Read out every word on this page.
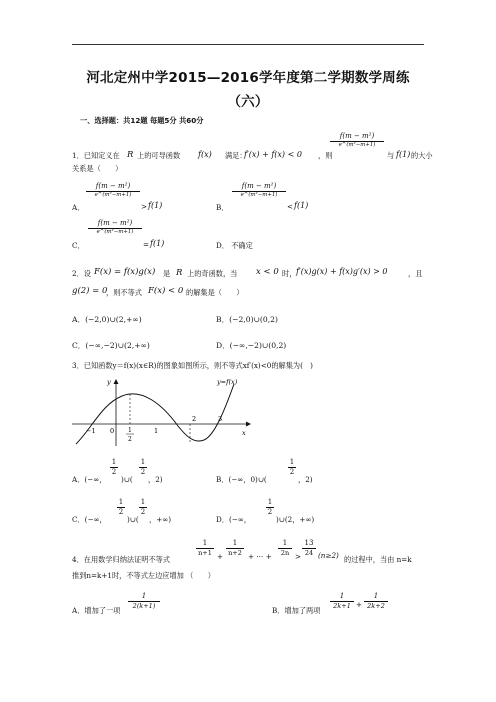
河北定州中学2015—2016学年度第二学期数学周练
（六）
一、选择题：共12题 每题5分 共60分
1．已知定义在 R 上的可导函数 f(x) 满足：
f′(x) + f(x) < 0 ，则
f(m − m²)
e^(m²−m+1)
与 f(1) 的大小
关系是（　　）
A．
f(m − m²)
e^(m²−m+1)
> f(1)	B．
f(m − m²)
e^(m²−m+1)
< f(1)
C．
f(m − m²)
e^(m²−m+1)
= f(1)	D． 不确定
2．设 F(x) = f(x)g(x) 是 R 上的奇函数，当 x < 0 时， f′(x)g(x) + f(x)g′(x) > 0	，且
g(2) = 0
，则不等式 F(x) < 0 的解集是（　　）
A．(−2,0)∪(2,+∞)	B．(−2,0)∪(0,2)
C．(−∞,−2)∪(2,+∞)	D．(−∞,−2)∪(0,2)
3．已知函数y＝f(x)(x∈R)的图象如图所示，则不等式xf′(x)<0的解集为(　)
y	y=f(x)
x
−1 0 1
2
1
2	3
A．(−∞，
$\frac{1}{2}$
)∪(
$\frac{1}{2}$
，2)	B．(−∞，0)∪(
$\frac{1}{2}$
，2)
C．(−∞，
$\frac{1}{2}$
)∪(
$\frac{1}{2}$
，+∞)	D．(−∞，
$\frac{1}{2}$
)∪(2，+∞)
4．在用数学归纳法证明不等式
$\frac{1}{n+1} + \frac{1}{n+2}$ + ⋯ + $\frac{1}{2n} > \frac{13}{24} (n\ge 2)$ 的过程中，当由 n=k
推到n=k+1时，不等式左边应增加 （　　）
A．增加了一项
$\frac{1}{2(k+1)}$
B．增加了两项
$\frac{1}{2k+1} + \frac{1}{2k+2}$
